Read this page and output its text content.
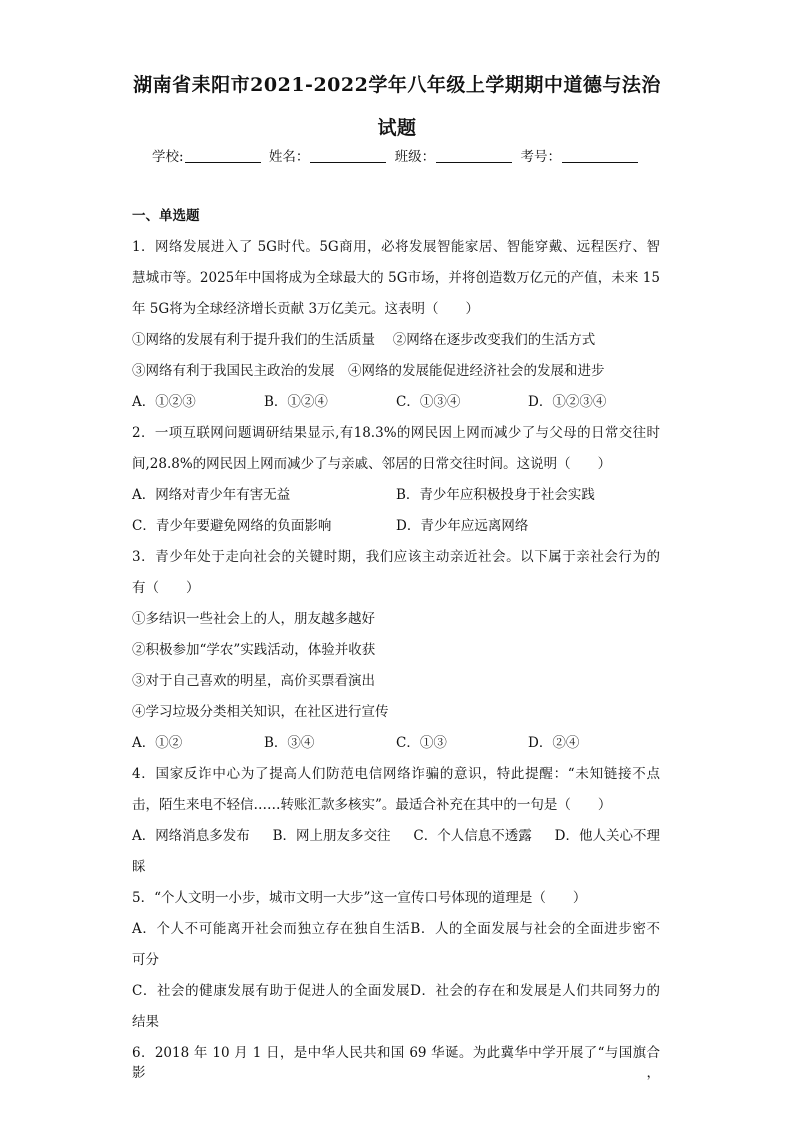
湖南省耒阳市2021-2022学年八年级上学期期中道德与法治
试题
学校:	姓名：	班级：	考号：
一、单选题
1．网络发展进入了 5G时代。5G商用，必将发展智能家居、智能穿戴、远程医疗、智
慧城市等。2025年中国将成为全球最大的 5G市场，并将创造数万亿元的产值，未来 15
年 5G将为全球经济增长贡献 3万亿美元。这表明（　　）
①网络的发展有利于提升我们的生活质量　 ②网络在逐步改变我们的生活方式
③网络有利于我国民主政治的发展　④网络的发展能促进经济社会的发展和进步
A．①②③	B．①②④	C．①③④	D．①②③④
2．一项互联网问题调研结果显示,有18.3%的网民因上网而减少了与父母的日常交往时
间,28.8%的网民因上网而减少了与亲戚、邻居的日常交往时间。这说明（　　）
A．网络对青少年有害无益	B．青少年应积极投身于社会实践
C．青少年要避免网络的负面影响	D．青少年应远离网络
3．青少年处于走向社会的关键时期，我们应该主动亲近社会。以下属于亲社会行为的
有（　　）
①多结识一些社会上的人，朋友越多越好
②积极参加“学农”实践活动，体验并收获
③对于自己喜欢的明星，高价买票看演出
④学习垃圾分类相关知识，在社区进行宣传
A．①②	B．③④	C．①③	D．②④
4．国家反诈中心为了提高人们防范电信网络诈骗的意识，特此提醒：“未知链接不点
击，陌生来电不轻信……转账汇款多核实”。最适合补充在其中的一句是（　　）
A．网络消息多发布 B．网上朋友多交往 C．个人信息不透露 D．他人关心不理
睬
5．“个人文明一小步，城市文明一大步”这一宣传口号体现的道理是（　　）
A．个人不可能离开社会而独立存在独自生活B．人的全面发展与社会的全面进步密不
可分
C．社会的健康发展有助于促进人的全面发展D．社会的存在和发展是人们共同努力的
结果
6．2018 年 10 月 1 日，是中华人民共和国 69 华诞。为此冀华中学开展了“与国旗合影，
